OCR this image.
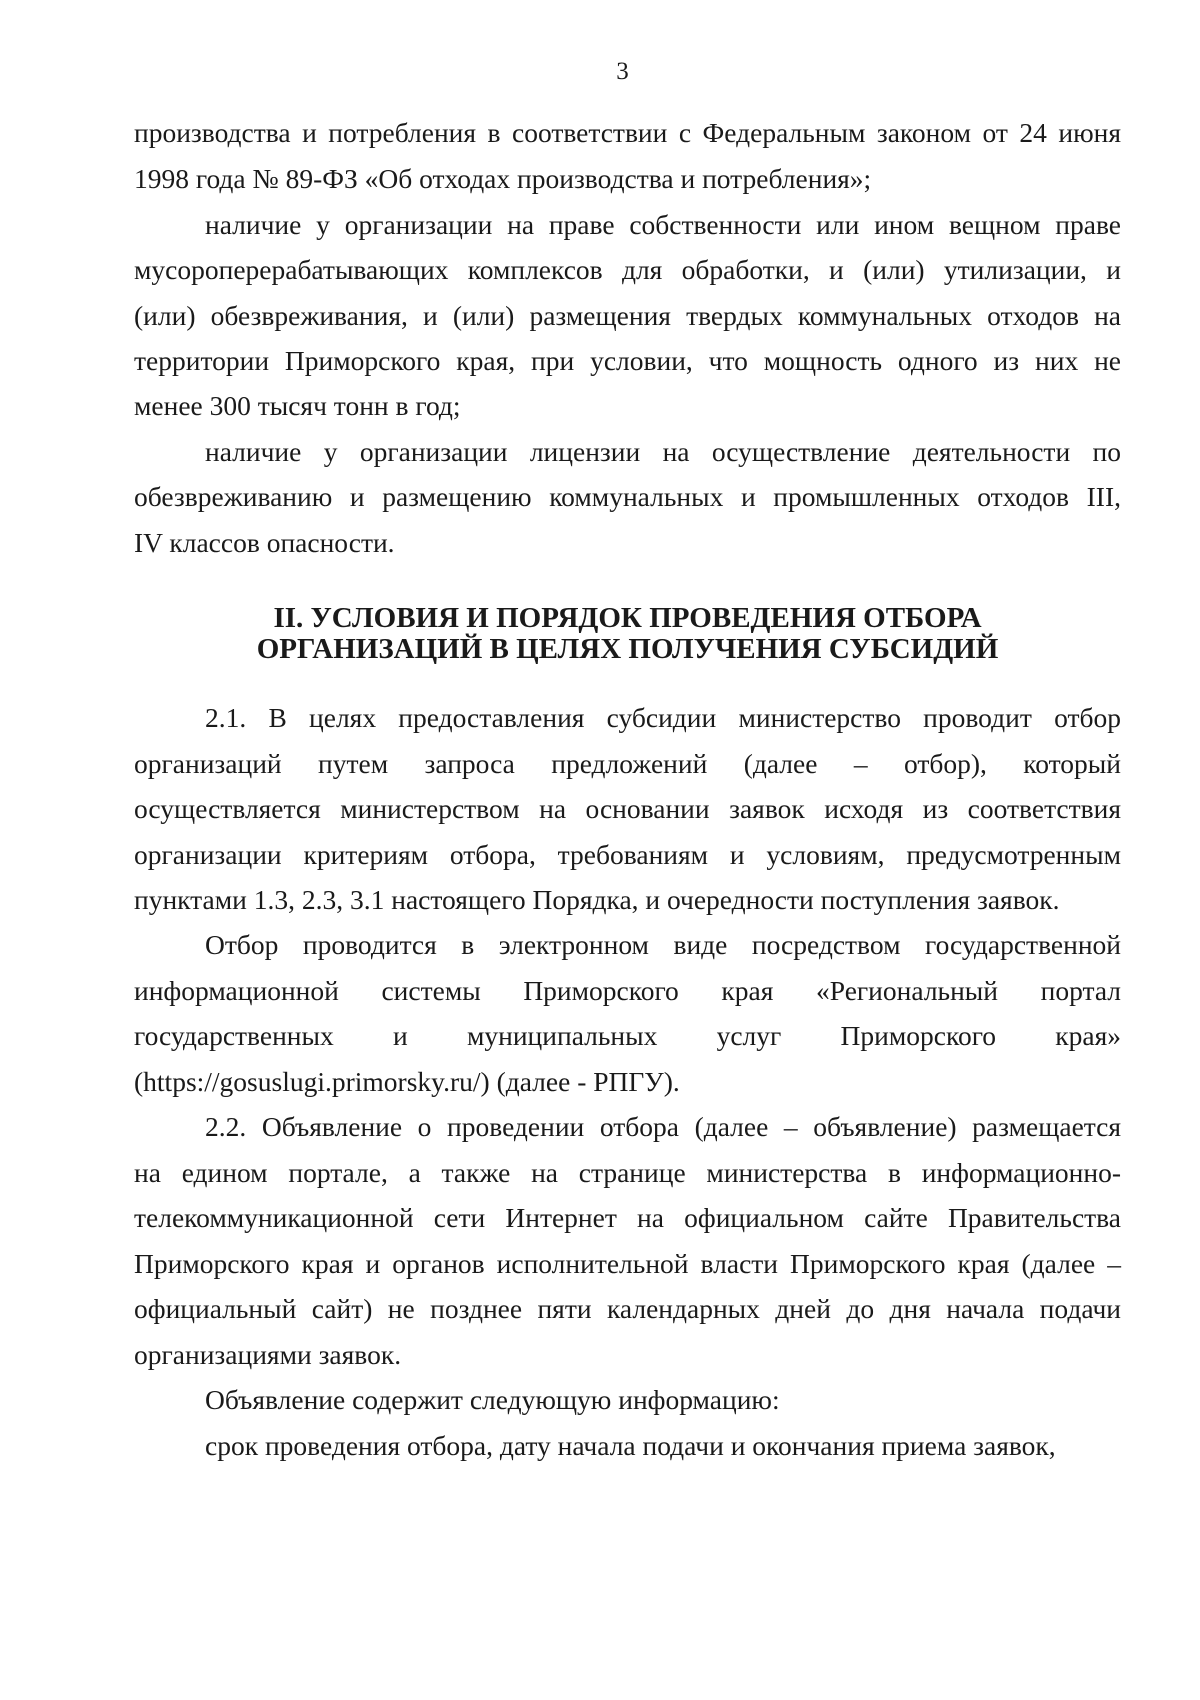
3
производства и потребления в соответствии с Федеральным законом от 24 июня
1998 года № 89-ФЗ «Об отходах производства и потребления»;
наличие у организации на праве собственности или ином вещном праве
мусороперерабатывающих комплексов для обработки, и (или) утилизации, и
(или) обезвреживания, и (или) размещения твердых коммунальных отходов на
территории Приморского края, при условии, что мощность одного из них не
менее 300 тысяч тонн в год;
наличие у организации лицензии на осуществление деятельности по
обезвреживанию и размещению коммунальных и промышленных отходов III,
IV классов опасности.
II. УСЛОВИЯ И ПОРЯДОК ПРОВЕДЕНИЯ ОТБОРА
ОРГАНИЗАЦИЙ В ЦЕЛЯХ ПОЛУЧЕНИЯ СУБСИДИЙ
2.1. В целях предоставления субсидии министерство проводит отбор
организаций путем запроса предложений (далее – отбор), который
осуществляется министерством на основании заявок исходя из соответствия
организации критериям отбора, требованиям и условиям, предусмотренным
пунктами 1.3, 2.3, 3.1 настоящего Порядка, и очередности поступления заявок.
Отбор проводится в электронном виде посредством государственной
информационной системы Приморского края «Региональный портал
государственных и муниципальных услуг Приморского края»
(https://gosuslugi.primorsky.ru/) (далее - РПГУ).
2.2. Объявление о проведении отбора (далее – объявление) размещается
на едином портале, а также на странице министерства в информационно-
телекоммуникационной сети Интернет на официальном сайте Правительства
Приморского края и органов исполнительной власти Приморского края (далее –
официальный сайт) не позднее пяти календарных дней до дня начала подачи
организациями заявок.
Объявление содержит следующую информацию:
срок проведения отбора, дату начала подачи и окончания приема заявок,
